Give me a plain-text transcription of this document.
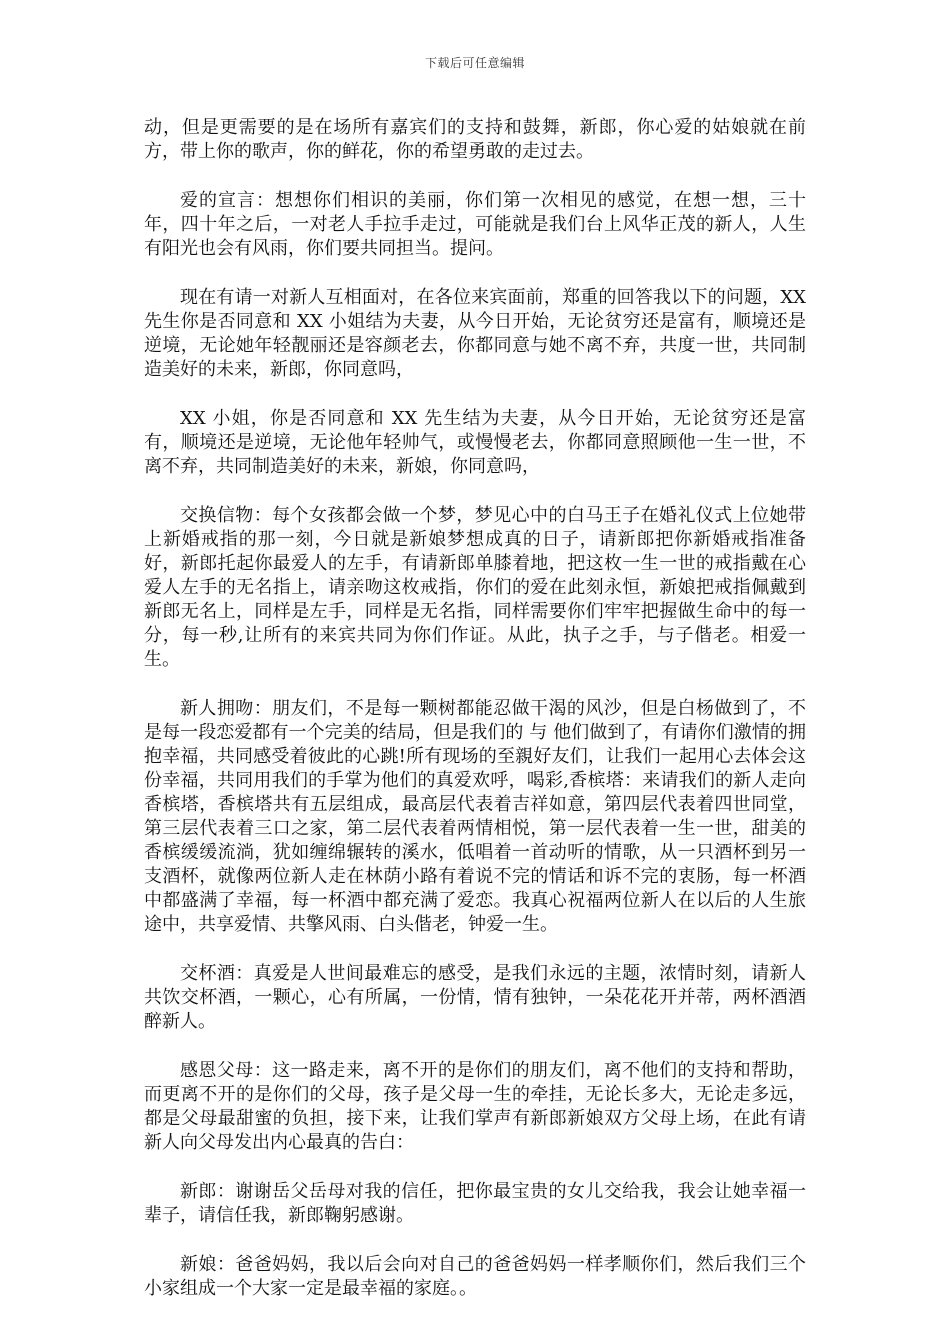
下载后可任意编辑

动，但是更需要的是在场所有嘉宾们的支持和鼓舞，新郎，你心爱的姑娘就在前方，带上你的歌声，你的鲜花，你的希望勇敢的走过去。

爱的宣言：想想你们相识的美丽，你们第一次相见的感觉，在想一想，三十年，四十年之后，一对老人手拉手走过，可能就是我们台上风华正茂的新人，人生有阳光也会有风雨，你们要共同担当。提问。

现在有请一对新人互相面对，在各位来宾面前，郑重的回答我以下的问题，XX 先生你是否同意和 XX 小姐结为夫妻，从今日开始，无论贫穷还是富有，顺境还是逆境，无论她年轻靓丽还是容颜老去，你都同意与她不离不弃，共度一世，共同制造美好的未来，新郎，你同意吗，

XX 小姐，你是否同意和 XX 先生结为夫妻，从今日开始，无论贫穷还是富有，顺境还是逆境，无论他年轻帅气，或慢慢老去，你都同意照顾他一生一世，不离不弃，共同制造美好的未来，新娘，你同意吗，

交换信物：每个女孩都会做一个梦，梦见心中的白马王子在婚礼仪式上位她带上新婚戒指的那一刻，今日就是新娘梦想成真的日子，请新郎把你新婚戒指准备好，新郎托起你最爱人的左手，有请新郎单膝着地，把这枚一生一世的戒指戴在心爱人左手的无名指上，请亲吻这枚戒指，你们的爱在此刻永恒，新娘把戒指佩戴到新郎无名上，同样是左手，同样是无名指，同样需要你们牢牢把握做生命中的每一分，每一秒,让所有的来宾共同为你们作证。从此，执子之手，与子偕老。相爱一生。

新人拥吻：朋友们，不是每一颗树都能忍做干渴的风沙，但是白杨做到了，不是每一段恋爱都有一个完美的结局，但是我们的 与 他们做到了，有请你们激情的拥抱幸福，共同感受着彼此的心跳!所有现场的至親好友们，让我们一起用心去体会这份幸福，共同用我们的手掌为他们的真爱欢呼，喝彩,香槟塔：来请我们的新人走向香槟塔，香槟塔共有五层组成，最高层代表着吉祥如意，第四层代表着四世同堂，第三层代表着三口之家，第二层代表着两情相悦，第一层代表着一生一世，甜美的香槟缓缓流淌，犹如缠绵辗转的溪水，低唱着一首动听的情歌，从一只酒杯到另一支酒杯，就像两位新人走在林荫小路有着说不完的情话和诉不完的衷肠，每一杯酒中都盛满了幸福，每一杯酒中都充满了爱恋。我真心祝福两位新人在以后的人生旅途中，共享爱情、共擎风雨、白头偕老，钟爱一生。

交杯酒：真爱是人世间最难忘的感受，是我们永远的主题，浓情时刻，请新人共饮交杯酒，一颗心，心有所属，一份情，情有独钟，一朵花花开并蒂，两杯酒酒醉新人。

感恩父母：这一路走来，离不开的是你们的朋友们，离不他们的支持和帮助，而更离不开的是你们的父母，孩子是父母一生的牵挂，无论长多大，无论走多远，都是父母最甜蜜的负担，接下来，让我们掌声有新郎新娘双方父母上场，在此有请新人向父母发出内心最真的告白：

新郎：谢谢岳父岳母对我的信任，把你最宝贵的女儿交给我，我会让她幸福一辈子，请信任我，新郎鞠躬感谢。

新娘：爸爸妈妈，我以后会向对自己的爸爸妈妈一样孝顺你们，然后我们三个小家组成一个大家一定是最幸福的家庭。。
